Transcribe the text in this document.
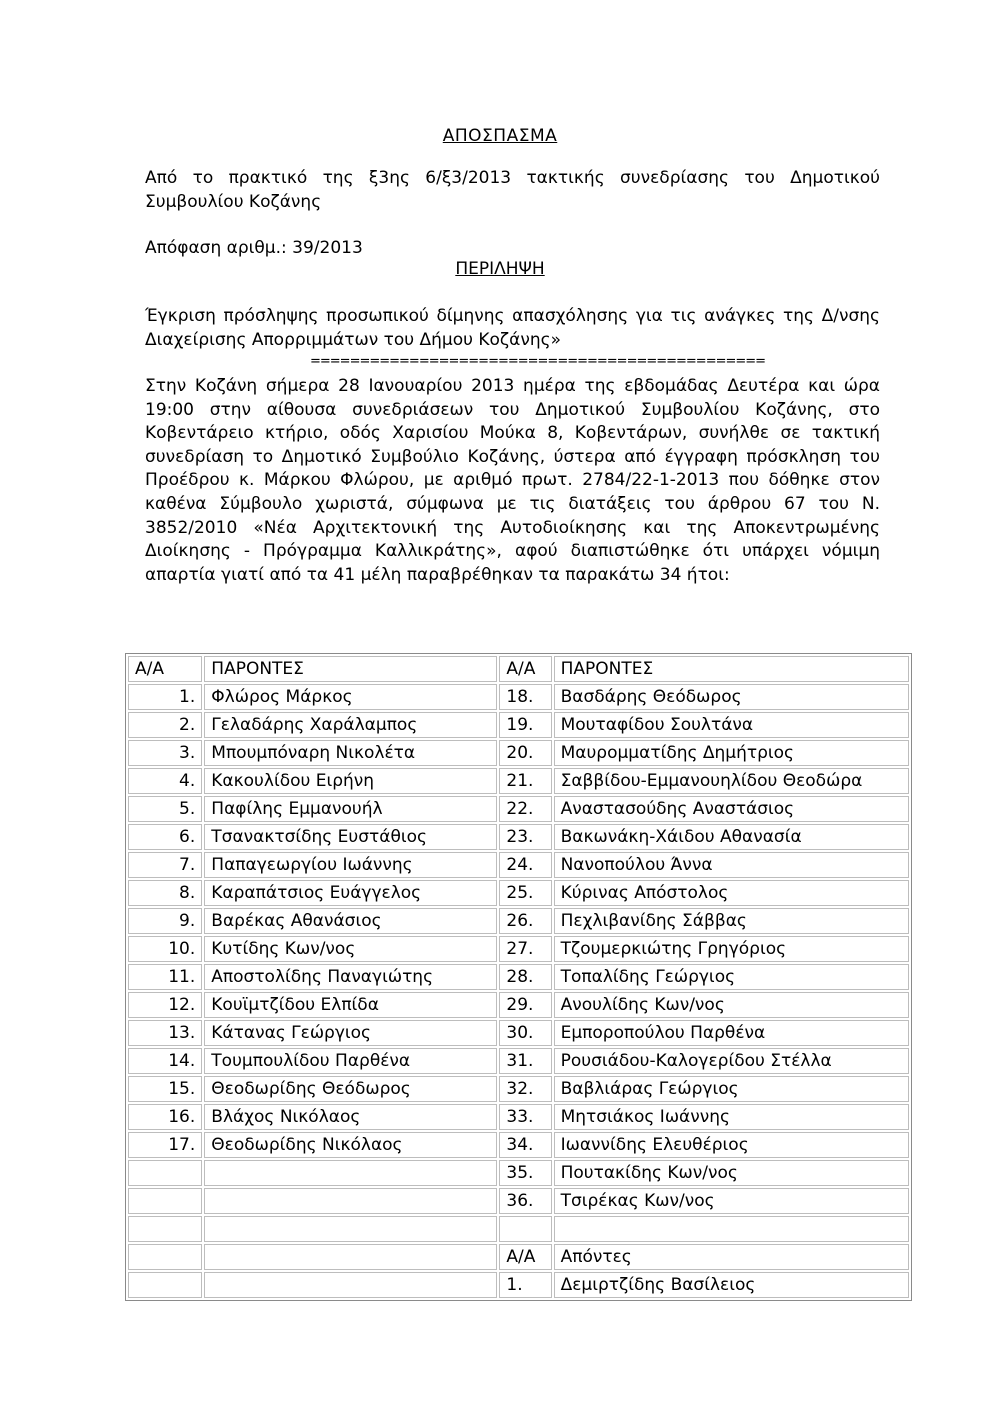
ΑΠΟΣΠΑΣΜΑ
Από το πρακτικό της ξ3ης 6/ξ3/2013 τακτικής συνεδρίασης του Δημοτικού Συμβουλίου Κοζάνης
Απόφαση αριθμ.: 39/2013
ΠΕΡΙΛΗΨΗ
Έγκριση πρόσληψης προσωπικού δίμηνης απασχόλησης για τις ανάγκες της Δ/νσης Διαχείρισης Απορριμμάτων του Δήμου Κοζάνης»
==============================================
Στην Κοζάνη σήμερα 28 Ιανουαρίου 2013 ημέρα της εβδομάδας Δευτέρα και ώρα 19:00 στην αίθουσα συνεδριάσεων του Δημοτικού Συμβουλίου Κοζάνης, στο Κοβεντάρειο κτήριο, οδός Χαρισίου Μούκα 8, Κοβεντάρων, συνήλθε σε τακτική συνεδρίαση το Δημοτικό Συμβούλιο Κοζάνης, ύστερα από έγγραφη πρόσκληση του Προέδρου κ. Μάρκου Φλώρου, με αριθμό πρωτ. 2784/22-1-2013 που δόθηκε στον καθένα Σύμβουλο χωριστά, σύμφωνα με τις διατάξεις του άρθρου 67 του Ν. 3852/2010 «Νέα Αρχιτεκτονική της Αυτοδιοίκησης και της Αποκεντρωμένης Διοίκησης - Πρόγραμμα Καλλικράτης», αφού διαπιστώθηκε ότι υπάρχει νόμιμη απαρτία γιατί από τα 41 μέλη παραβρέθηκαν τα παρακάτω 34 ήτοι:
Α/Α	ΠΑΡΟΝΤΕΣ	Α/Α	ΠΑΡΟΝΤΕΣ
1.	Φλώρος Μάρκος	18.	Βασδάρης Θεόδωρος
2.	Γελαδάρης Χαράλαμπος	19.	Μουταφίδου Σουλτάνα
3.	Μπουμπόναρη Νικολέτα	20.	Μαυρομματίδης Δημήτριος
4.	Κακουλίδου Ειρήνη	21.	Σαββίδου-Εμμανουηλίδου Θεοδώρα
5.	Παφίλης Εμμανουήλ	22.	Αναστασούδης Αναστάσιος
6.	Τσανακτσίδης Ευστάθιος	23.	Βακωνάκη-Χάιδου Αθανασία
7.	Παπαγεωργίου Ιωάννης	24.	Νανοπούλου Άννα
8.	Καραπάτσιος Ευάγγελος	25.	Κύρινας Απόστολος
9.	Βαρέκας Αθανάσιος	26.	Πεχλιβανίδης Σάββας
10.	Κυτίδης Κων/νος	27.	Τζουμερκιώτης Γρηγόριος
11.	Αποστολίδης Παναγιώτης	28.	Τοπαλίδης Γεώργιος
12.	Κουϊμτζίδου Ελπίδα	29.	Ανουλίδης Κων/νος
13.	Κάτανας Γεώργιος	30.	Εμποροπούλου Παρθένα
14.	Τουμπουλίδου Παρθένα	31.	Ρουσιάδου-Καλογερίδου Στέλλα
15.	Θεοδωρίδης Θεόδωρος	32.	Βαβλιάρας Γεώργιος
16.	Βλάχος Νικόλαος	33.	Μητσιάκος Ιωάννης
17.	Θεοδωρίδης Νικόλαος	34.	Ιωαννίδης Ελευθέριος
		35.	Πουτακίδης Κων/νος
		36.	Τσιρέκας Κων/νος

		Α/Α	Απόντες
		1.	Δεμιρτζίδης Βασίλειος
